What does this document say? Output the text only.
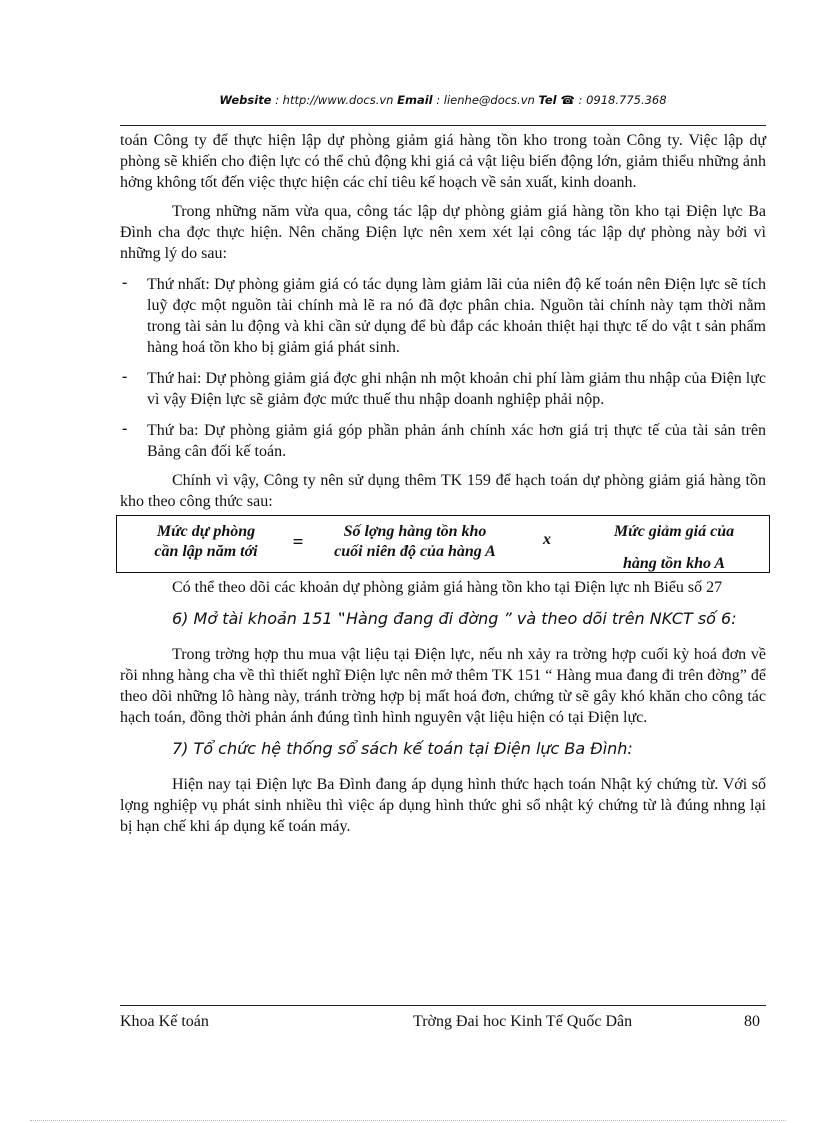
Website : http://www.docs.vn Email : lienhe@docs.vn Tel ☎ : 0918.775.368

toán Công ty để thực hiện lập dự phòng giảm giá hàng tồn kho trong toàn Công ty. Việc lập dự phòng sẽ khiến cho điện lực có thể chủ động khi giá cả vật liệu biến động lớn, giảm thiểu những ảnh hởng không tốt đến việc thực hiện các chỉ tiêu kế hoạch về sản xuất, kinh doanh.

Trong những năm vừa qua, công tác lập dự phòng giảm giá hàng tồn kho tại Điện lực Ba Đình cha đợc thực hiện. Nên chăng Điện lực nên xem xét lại công tác lập dự phòng này bởi vì những lý do sau:

- Thứ nhất: Dự phòng giảm giá có tác dụng làm giảm lãi của niên độ kế toán nên Điện lực sẽ tích luỹ đợc một nguồn tài chính mà lẽ ra nó đã đợc phân chia. Nguồn tài chính này tạm thời nằm trong tài sản lu động và khi cần sử dụng để bù đắp các khoản thiệt hại thực tế do vật t sản phẩm hàng hoá tồn kho bị giảm giá phát sinh.
- Thứ hai: Dự phòng giảm giá đợc ghi nhận nh một khoản chi phí làm giảm thu nhập của Điện lực vì vậy Điện lực sẽ giảm đợc mức thuế thu nhập doanh nghiệp phải nộp.
- Thứ ba: Dự phòng giảm giá góp phần phản ánh chính xác hơn giá trị thực tế của tài sản trên Bảng cân đối kế toán.

Chính vì vậy, Công ty nên sử dụng thêm TK 159 để hạch toán dự phòng giảm giá hàng tồn kho theo công thức sau:

Mức dự phòng
cần lập năm tới	=
Số lợng hàng tồn kho
cuối niên độ của hàng A
x	Mức giảm giá của
hàng tồn kho A

Có thể theo dõi các khoản dự phòng giảm giá hàng tồn kho tại Điện lực nh Biểu số 27

6) Mở tài khoản 151 ‟Hàng đang đi đờng ” và theo dõi trên NKCT số 6:

Trong trờng hợp thu mua vật liệu tại Điện lực, nếu nh xảy ra trờng hợp cuối kỳ hoá đơn về rồi nhng hàng cha về thì thiết nghĩ Điện lực nên mở thêm TK 151 “ Hàng mua đang đi trên đờng” để theo dõi những lô hàng này, tránh trờng hợp bị mất hoá đơn, chứng từ sẽ gây khó khăn cho công tác hạch toán, đồng thời phản ánh đúng tình hình nguyên vật liệu hiện có tại Điện lực.

7) Tổ chức hệ thống sổ sách kế toán tại Điện lực Ba Đình:

Hiện nay tại Điện lực Ba Đình đang áp dụng hình thức hạch toán Nhật ký chứng từ. Với số lợng nghiệp vụ phát sinh nhiều thì việc áp dụng hình thức ghi sổ nhật ký chứng từ là đúng nhng lại bị hạn chế khi áp dụng kế toán máy.

Khoa Kế toán	Trờng Đai hoc Kinh Tế Quốc Dân	80
